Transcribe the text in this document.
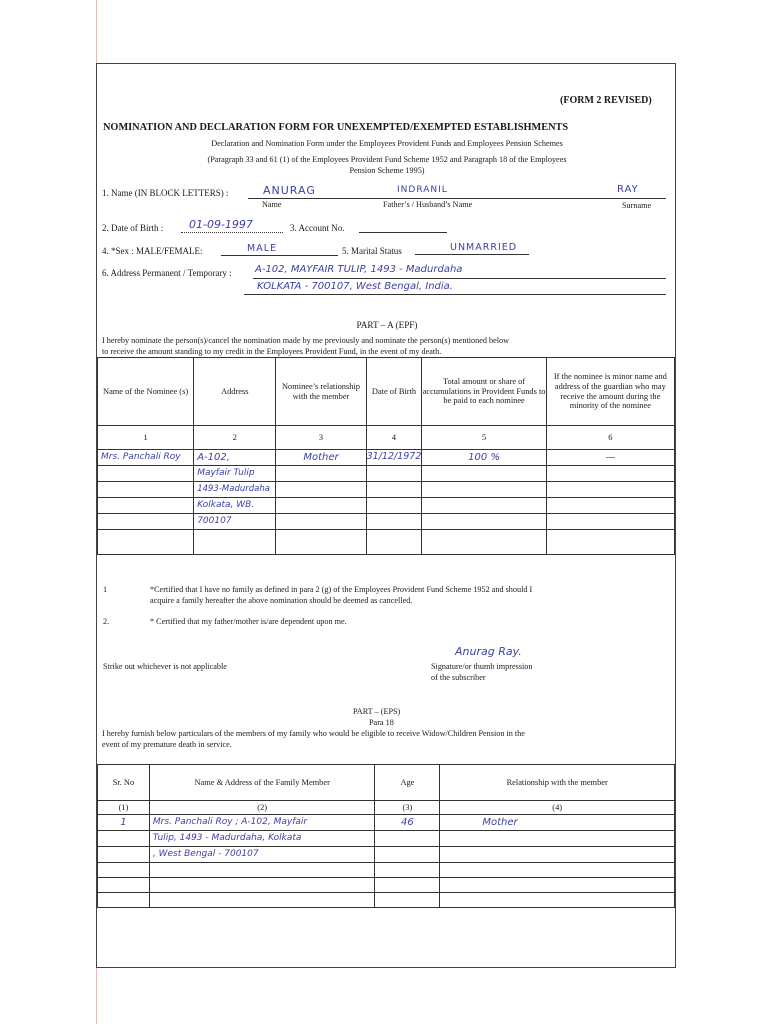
(FORM 2 REVISED)
NOMINATION AND DECLARATION FORM FOR UNEXEMPTED/EXEMPTED ESTABLISHMENTS
Declaration and Nomination Form under the Employees Provident Funds and Employees Pension Schemes
(Paragraph 33 and 61 (1) of the Employees Provident Fund Scheme 1952 and Paragraph 18 of the Employees
Pension Scheme 1995)
1. Name (IN BLOCK LETTERS) :	ANURAG	INDRANIL	RAY
Name	Father’s / Husband’s Name	Surname
2. Date of Birth : 01-09-1997	3. Account No.
4. *Sex : MALE/FEMALE:	MALE	5. Marital Status	UNMARRIED
6. Address Permanent / Temporary : A-102, MAYFAIR TULIP, 1493 - Madurdaha
KOLKATA - 700107, West Bengal, India.
PART – A (EPF)
I hereby nominate the person(s)/cancel the nomination made by me previously and nominate the person(s) mentioned below
to receive the amount standing to my credit in the Employees Provident Fund, in the event of my death.
Name of the Nominee (s)	Address	Nominee’s relationship with the member	Date of Birth	Total amount or share of accumulations in Provident Funds to be paid to each nominee	If the nominee is minor name and address of the guardian who may receive the amount during the minority of the nominee
1	2	3	4	5	6
Mrs. Panchali Roy	A-102,	Mother	31/12/1972	100 %	—
	Mayfair Tulip				
	1493-Madurdaha				
	Kolkata, WB.				
	700107				

1	*Certified that I have no family as defined in para 2 (g) of the Employees Provident Fund Scheme 1952 and should I
acquire a family hereafter the above nomination should be deemed as cancelled.
2.	* Certified that my father/mother is/are dependent upon me.
Anurag Ray.
Strike out whichever is not applicable	Signature/or thumb impression
of the subscriber
PART – (EPS)
Para 18
I hereby furnish below particulars of the members of my family who would be eligible to receive Widow/Children Pension in the
event of my premature death in service.
Sr. No	Name & Address of the Family Member	Age	Relationship with the member
(1)	(2)	(3)	(4)
1	Mrs. Panchali Roy ; A-102, Mayfair	46	Mother
	Tulip, 1493 - Madurdaha, Kolkata		
	, West Bengal - 700107		
